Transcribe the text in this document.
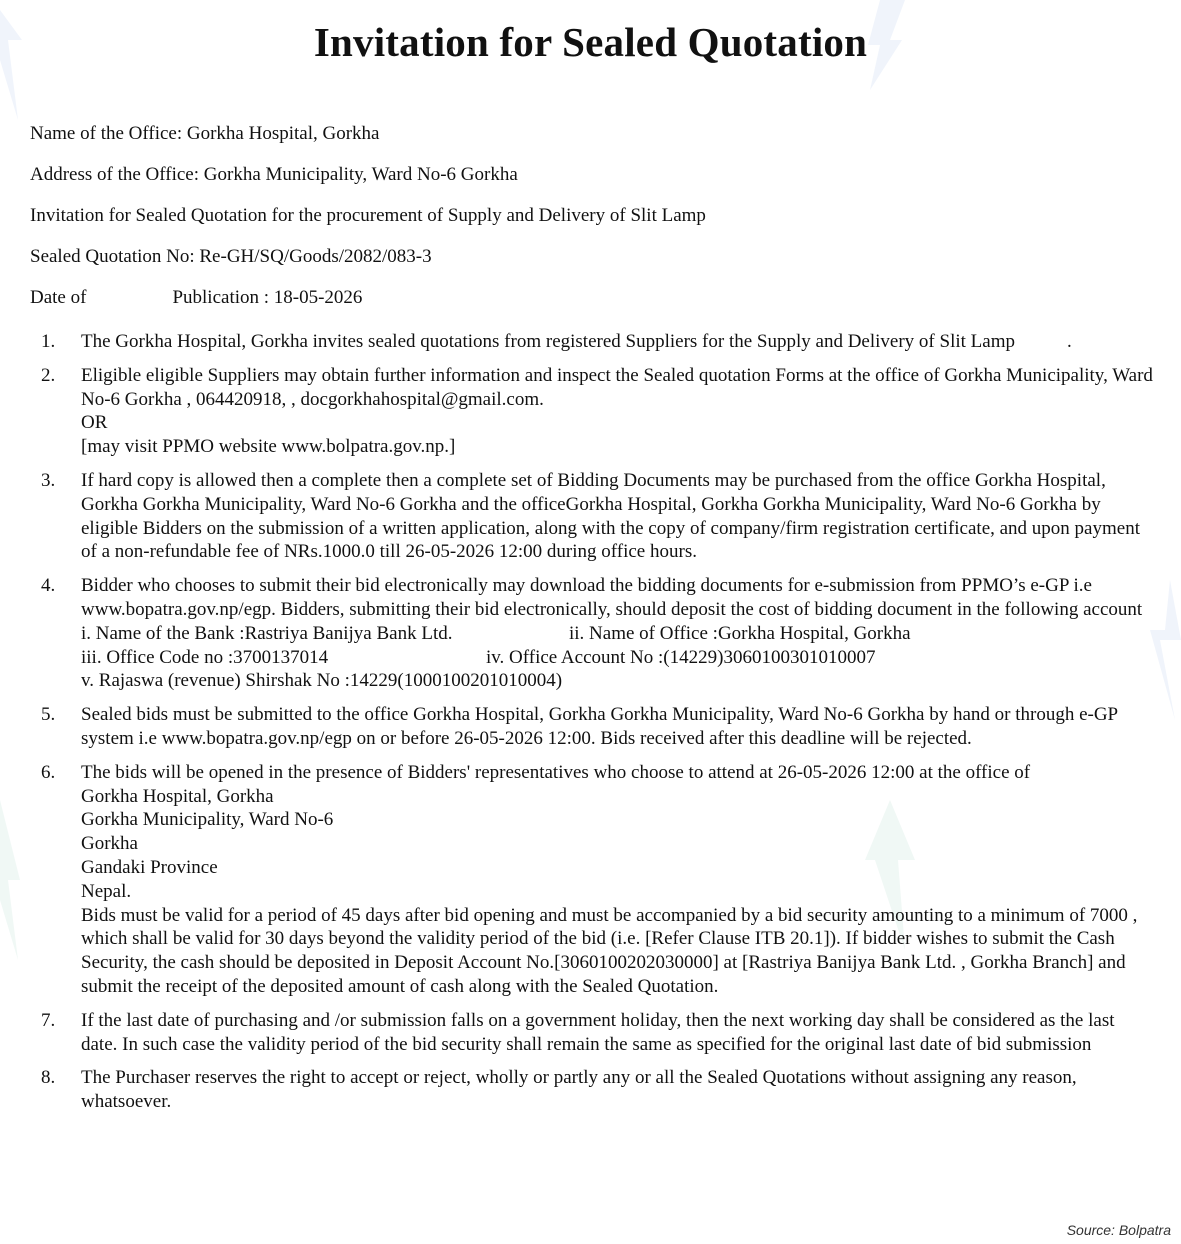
Invitation for Sealed Quotation

Name of the Office: Gorkha Hospital, Gorkha

Address of the Office: Gorkha Municipality, Ward No-6 Gorkha

Invitation for Sealed Quotation for the procurement of Supply and Delivery of Slit Lamp

Sealed Quotation No: Re-GH/SQ/Goods/2082/083-3

Date of	Publication : 18-05-2026

1. The Gorkha Hospital, Gorkha invites sealed quotations from registered Suppliers for the Supply and Delivery of Slit Lamp	.
2. Eligible eligible Suppliers may obtain further information and inspect the Sealed quotation Forms at the office of Gorkha Municipality, Ward No-6 Gorkha , 064420918, , docgorkhahospital@gmail.com.
OR
[may visit PPMO website www.bolpatra.gov.np.]
3. If hard copy is allowed then a complete then a complete set of Bidding Documents may be purchased from the office Gorkha Hospital, Gorkha Gorkha Municipality, Ward No-6 Gorkha and the officeGorkha Hospital, Gorkha Gorkha Municipality, Ward No-6 Gorkha by eligible Bidders on the submission of a written application, along with the copy of company/firm registration certificate, and upon payment of a non-refundable fee of NRs.1000.0 till 26-05-2026 12:00 during office hours.
4. Bidder who chooses to submit their bid electronically may download the bidding documents for e-submission from PPMO’s e-GP i.e www.bopatra.gov.np/egp. Bidders, submitting their bid electronically, should deposit the cost of bidding document in the following account
i. Name of the Bank :Rastriya Banijya Bank Ltd.	ii. Name of Office :Gorkha Hospital, Gorkha
iii. Office Code no :3700137014	iv. Office Account No :(14229)3060100301010007
v. Rajaswa (revenue) Shirshak No :14229(1000100201010004)
5. Sealed bids must be submitted to the office Gorkha Hospital, Gorkha Gorkha Municipality, Ward No-6 Gorkha by hand or through e-GP system i.e www.bopatra.gov.np/egp on or before 26-05-2026 12:00. Bids received after this deadline will be rejected.
6. The bids will be opened in the presence of Bidders' representatives who choose to attend at 26-05-2026 12:00 at the office of
Gorkha Hospital, Gorkha
Gorkha Municipality, Ward No-6
Gorkha
Gandaki Province
Nepal.
Bids must be valid for a period of 45 days after bid opening and must be accompanied by a bid security amounting to a minimum of 7000 , which shall be valid for 30 days beyond the validity period of the bid (i.e. [Refer Clause ITB 20.1]). If bidder wishes to submit the Cash Security, the cash should be deposited in Deposit Account No.[3060100202030000] at [Rastriya Banijya Bank Ltd. , Gorkha Branch] and submit the receipt of the deposited amount of cash along with the Sealed Quotation.
7. If the last date of purchasing and /or submission falls on a government holiday, then the next working day shall be considered as the last date. In such case the validity period of the bid security shall remain the same as specified for the original last date of bid submission
8. The Purchaser reserves the right to accept or reject, wholly or partly any or all the Sealed Quotations without assigning any reason, whatsoever.
Source: Bolpatra
